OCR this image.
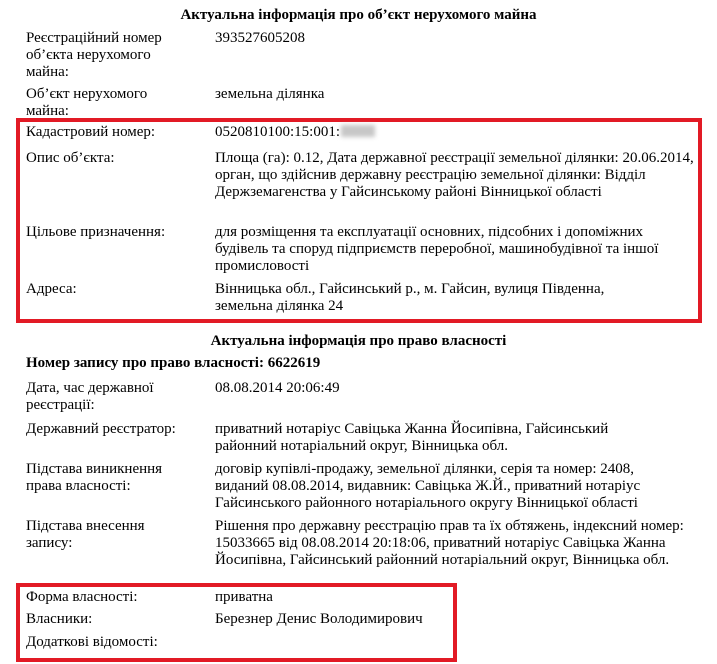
Актуальна інформація про об’єкт нерухомого майна
Реєстраційний номер об’єкта нерухомого майна:
393527605208
Об’єкт нерухомого майна:
земельна ділянка
Кадастровий номер:	0520810100:15:001:
Опис об’єкта:	Площа (га): 0.12, Дата державної реєстрації земельної ділянки: 20.06.2014, орган, що здійснив державну реєстрацію земельної ділянки: Відділ Держземагенства у Гайсинському районі Вінницької області
Цільове призначення:	для розміщення та експлуатації основних, підсобних і допоміжних будівель та споруд підприємств переробної, машинобудівної та іншої промисловості
Адреса:	Вінницька обл., Гайсинський р., м. Гайсин, вулиця Південна, земельна ділянка 24
Актуальна інформація про право власності
Номер запису про право власності: 6622619
Дата, час державної реєстрації:
08.08.2014 20:06:49
Державний реєстратор:	приватний нотаріус Савіцька Жанна Йосипівна, Гайсинський районний нотаріальний округ, Вінницька обл.
Підстава виникнення права власності:
договір купівлі-продажу, земельної ділянки, серія та номер: 2408, виданий 08.08.2014, видавник: Савіцька Ж.Й., приватний нотаріус Гайсинського районного нотаріального округу Вінницької області
Підстава внесення запису:
Рішення про державну реєстрацію прав та їх обтяжень, індексний номер: 15033665 від 08.08.2014 20:18:06, приватний нотаріус Савіцька Жанна Йосипівна, Гайсинський районний нотаріальний округ, Вінницька обл.
Форма власності:	приватна
Власники:	Березнер Денис Володимирович
Додаткові відомості:
